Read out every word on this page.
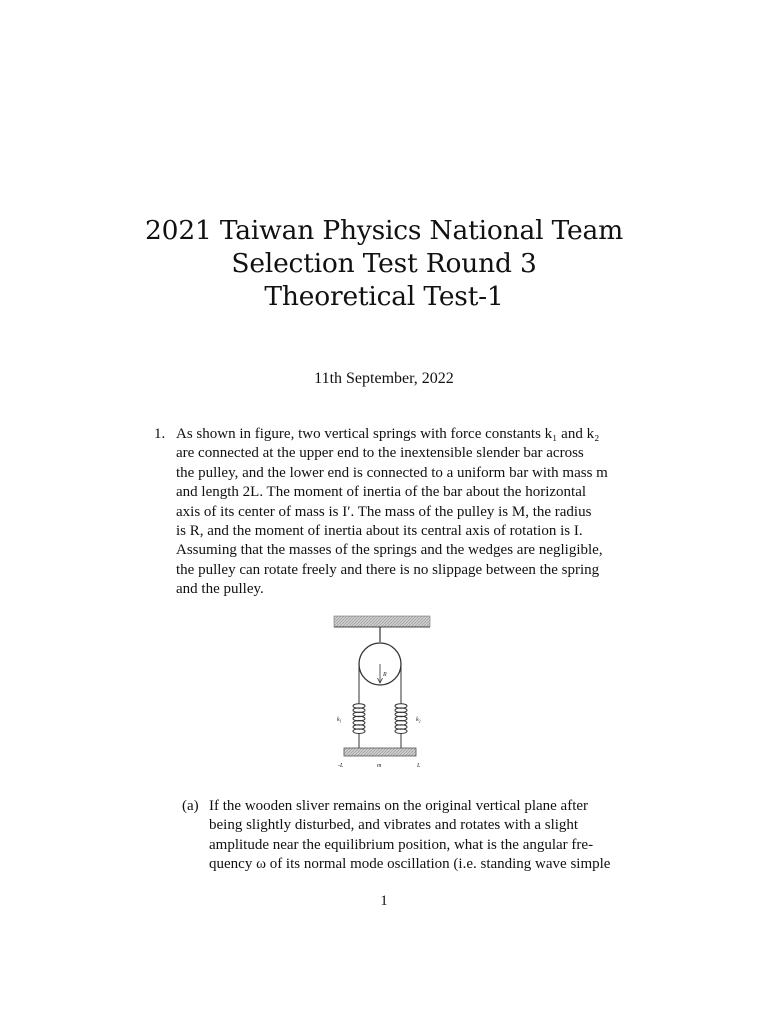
2021 Taiwan Physics National Team
Selection Test Round 3
Theoretical Test-1
11th September, 2022
1. As shown in figure, two vertical springs with force constants k₁ and k₂
are connected at the upper end to the inextensible slender bar across
the pulley, and the lower end is connected to a uniform bar with mass m
and length 2L. The moment of inertia of the bar about the horizontal
axis of its center of mass is I′. The mass of the pulley is M, the radius
is R, and the moment of inertia about its central axis of rotation is I.
Assuming that the masses of the springs and the wedges are negligible,
the pulley can rotate freely and there is no slippage between the spring
and the pulley.
R
$k_1$	$k_2$
-L	m	L
(a) If the wooden sliver remains on the original vertical plane after
being slightly disturbed, and vibrates and rotates with a slight
amplitude near the equilibrium position, what is the angular fre-
quency ω of its normal mode oscillation (i.e. standing wave simple
1
